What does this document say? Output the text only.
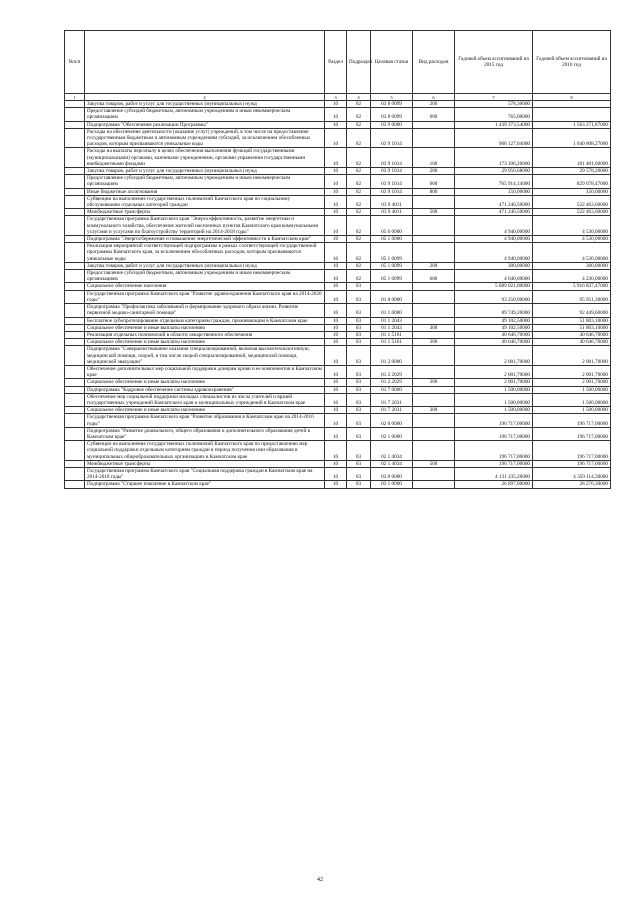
№п/п		Раздел	Подраздел	Целевая статья	Вид расходов	Годовой объем ассигнований на 2015 год	Годовой объем ассигнований на 2016 год
1	2	3	4	5	6	7	8
	Закупка товаров, работ и услуг для государственных (муниципальных) нужд	10	02	03 8 0099	200	578,30000	
	Предоставление субсидий бюджетным, автономным учреждениям и иным некоммерческим организациям	10	02	03 8 0099	600	765,00000	
	Подпрограмма "Обеспечение реализации Программы"	10	02	03 9 0000		1 439 373,54000	1 563 271,87000
	Расходы на обеспечение деятельности (оказание услуг) учреждений, в том числе на предоставление государственным бюджетным и автономным учреждениям субсидий, за исключением обособленных расходов, которым присваиваются уникальные коды	10	02	03 9 1014		968 127,04000	1 040 808,27000
	Расходы на выплаты персоналу в целях обеспечения выполнения функций государственными (муниципальными) органами, казенными учреждениями, органами управления государственными внебюджетными фондами	10	02	03 9 1014	100	173 106,26000	181 401,60000
	Закупка товаров, работ и услуг для государственных (муниципальных) нужд	10	02	03 9 1014	200	29 956,68000	29 578,20000
	Предоставление субсидий бюджетным, автономным учреждениям и иным некоммерческим организациям	10	02	03 9 1014	600	765 914,14000	829 678,47000
	Иные бюджетные ассигнования	10	02	03 9 1014	800	150,00000	150,00000
	Субвенции на выполнение государственных полномочий Камчатского края по социальному обслуживанию отдельных категорий граждан	10	02	03 9 4011		471 246,50000	522 463,60000
	Межбюджетные трансферты	10	02	03 9 4011	500	471 246,50000	522 463,60000
	Государственная программа Камчатского края "Энергоэффективность, развитие энергетики и коммунального хозяйства, обеспечение жителей населенных пунктов Камчатского края коммунальными услугами и услугами по благоустройству территорий на 2014-2018 годы"	10	02	05 0 0000		4 940,00000	4 530,00000
	Подпрограмма "Энергосбережение и повышение энергетической эффективности в Камчатском крае"	10	02	05 1 0000		4 940,00000	4 530,00000
	Реализация мероприятий соответствующей подпрограммы в рамках соответствующей государственной программы Камчатского края, за исключением обособленных расходов, которым присваиваются уникальные коды	10	02	05 1 0099		4 940,00000	4 530,00000
	Закупка товаров, работ и услуг для государственных (муниципальных) нужд	10	02	05 1 0099	200	300,00000	300,00000
	Предоставление субсидий бюджетным, автономным учреждениям и иным некоммерческим организациям	10	02	05 1 0099	600	4 640,00000	4 230,00000
	Социальное обеспечение населения	10	03			5 689 021,00000	5 916 837,47000
	Государственная программа Камчатского края "Развитие здравоохранения Камчатского края на 2014-2020 годы"	10	03	01 0 0000		93 250,90000	95 951,30000
	Подпрограмма "Профилактика заболеваний и формирование здорового образа жизни. Развитие первичной медико-санитарной помощи"	10	03	01 1 0000		89 749,20000	92 449,60000
	Бесплатное зубопротезирование отдельным категориям граждан, проживающим в Камчатском крае	10	03	01 1 2043		49 102,50000	51 803,10000
	Социальное обеспечение и иные выплаты населению	10	03	01 1 2043	300	49 102,50000	51 803,10000
	Реализация отдельных полномочий в области лекарственного обеспечения	10	03	01 1 5161		40 646,70000	40 646,70000
	Социальное обеспечение и иные выплаты населению	10	03	01 1 5161	300	40 646,70000	40 646,70000
	Подпрограмма "Совершенствование оказания специализированной, включая высокотехнологичную, медицинской помощи, скорой, в том числе скорой специализированной, медицинской помощи, медицинской эвакуации"	10	03	01 2 0000		2 001,70000	2 001,70000
	Обеспечение дополнительных мер социальной поддержки донорам крови и ее компонентов в Камчатском крае	10	03	01 2 2029		2 001,70000	2 001,70000
	Социальное обеспечение и иные выплаты населению	10	03	01 2 2029	300	2 001,70000	2 001,70000
	Подпрограмма "Кадровое обеспечение системы здравоохранения"	10	03	01 7 0000		1 500,00000	1 500,00000
	Обеспечение мер социальной поддержки молодых специалистов из числа учителей и врачей государственных учреждений Камчатского края и муниципальных учреждений в Камчатском крае	10	03	01 7 2031		1 500,00000	1 500,00000
	Социальное обеспечение и иные выплаты населению	10	03	01 7 2031	300	1 500,00000	1 500,00000
	Государственная программа Камчатского края "Развитие образования в Камчатском крае на 2014-2016 годы"	10	03	02 0 0000		196 717,00000	196 717,00000
	Подпрограмма "Развитие дошкольного, общего образования и дополнительного образования детей в Камчатском крае"	10	03	02 1 0000		196 717,00000	196 717,00000
	Субвенции на выполнение государственных полномочий Камчатского края по предоставлению мер социальной поддержки отдельным категориям граждан в период получения ими образования в муниципальных общеобразовательных организациях в Камчатском крае	10	03	02 1 4034		196 717,00000	196 717,00000
	Межбюджетные трансферты	10	03	02 1 4034	500	196 717,00000	196 717,00000
	Государственная программа Камчатского края "Социальная поддержка граждан в Камчатском крае на 2014-2018 годы"	10	03	03 0 0000		4 131 235,26000	4 359 114,30000
	Подпрограмма "Старшее поколение в Камчатском крае"	10	03	03 1 0000		26 897,00000	28 276,30000
42
